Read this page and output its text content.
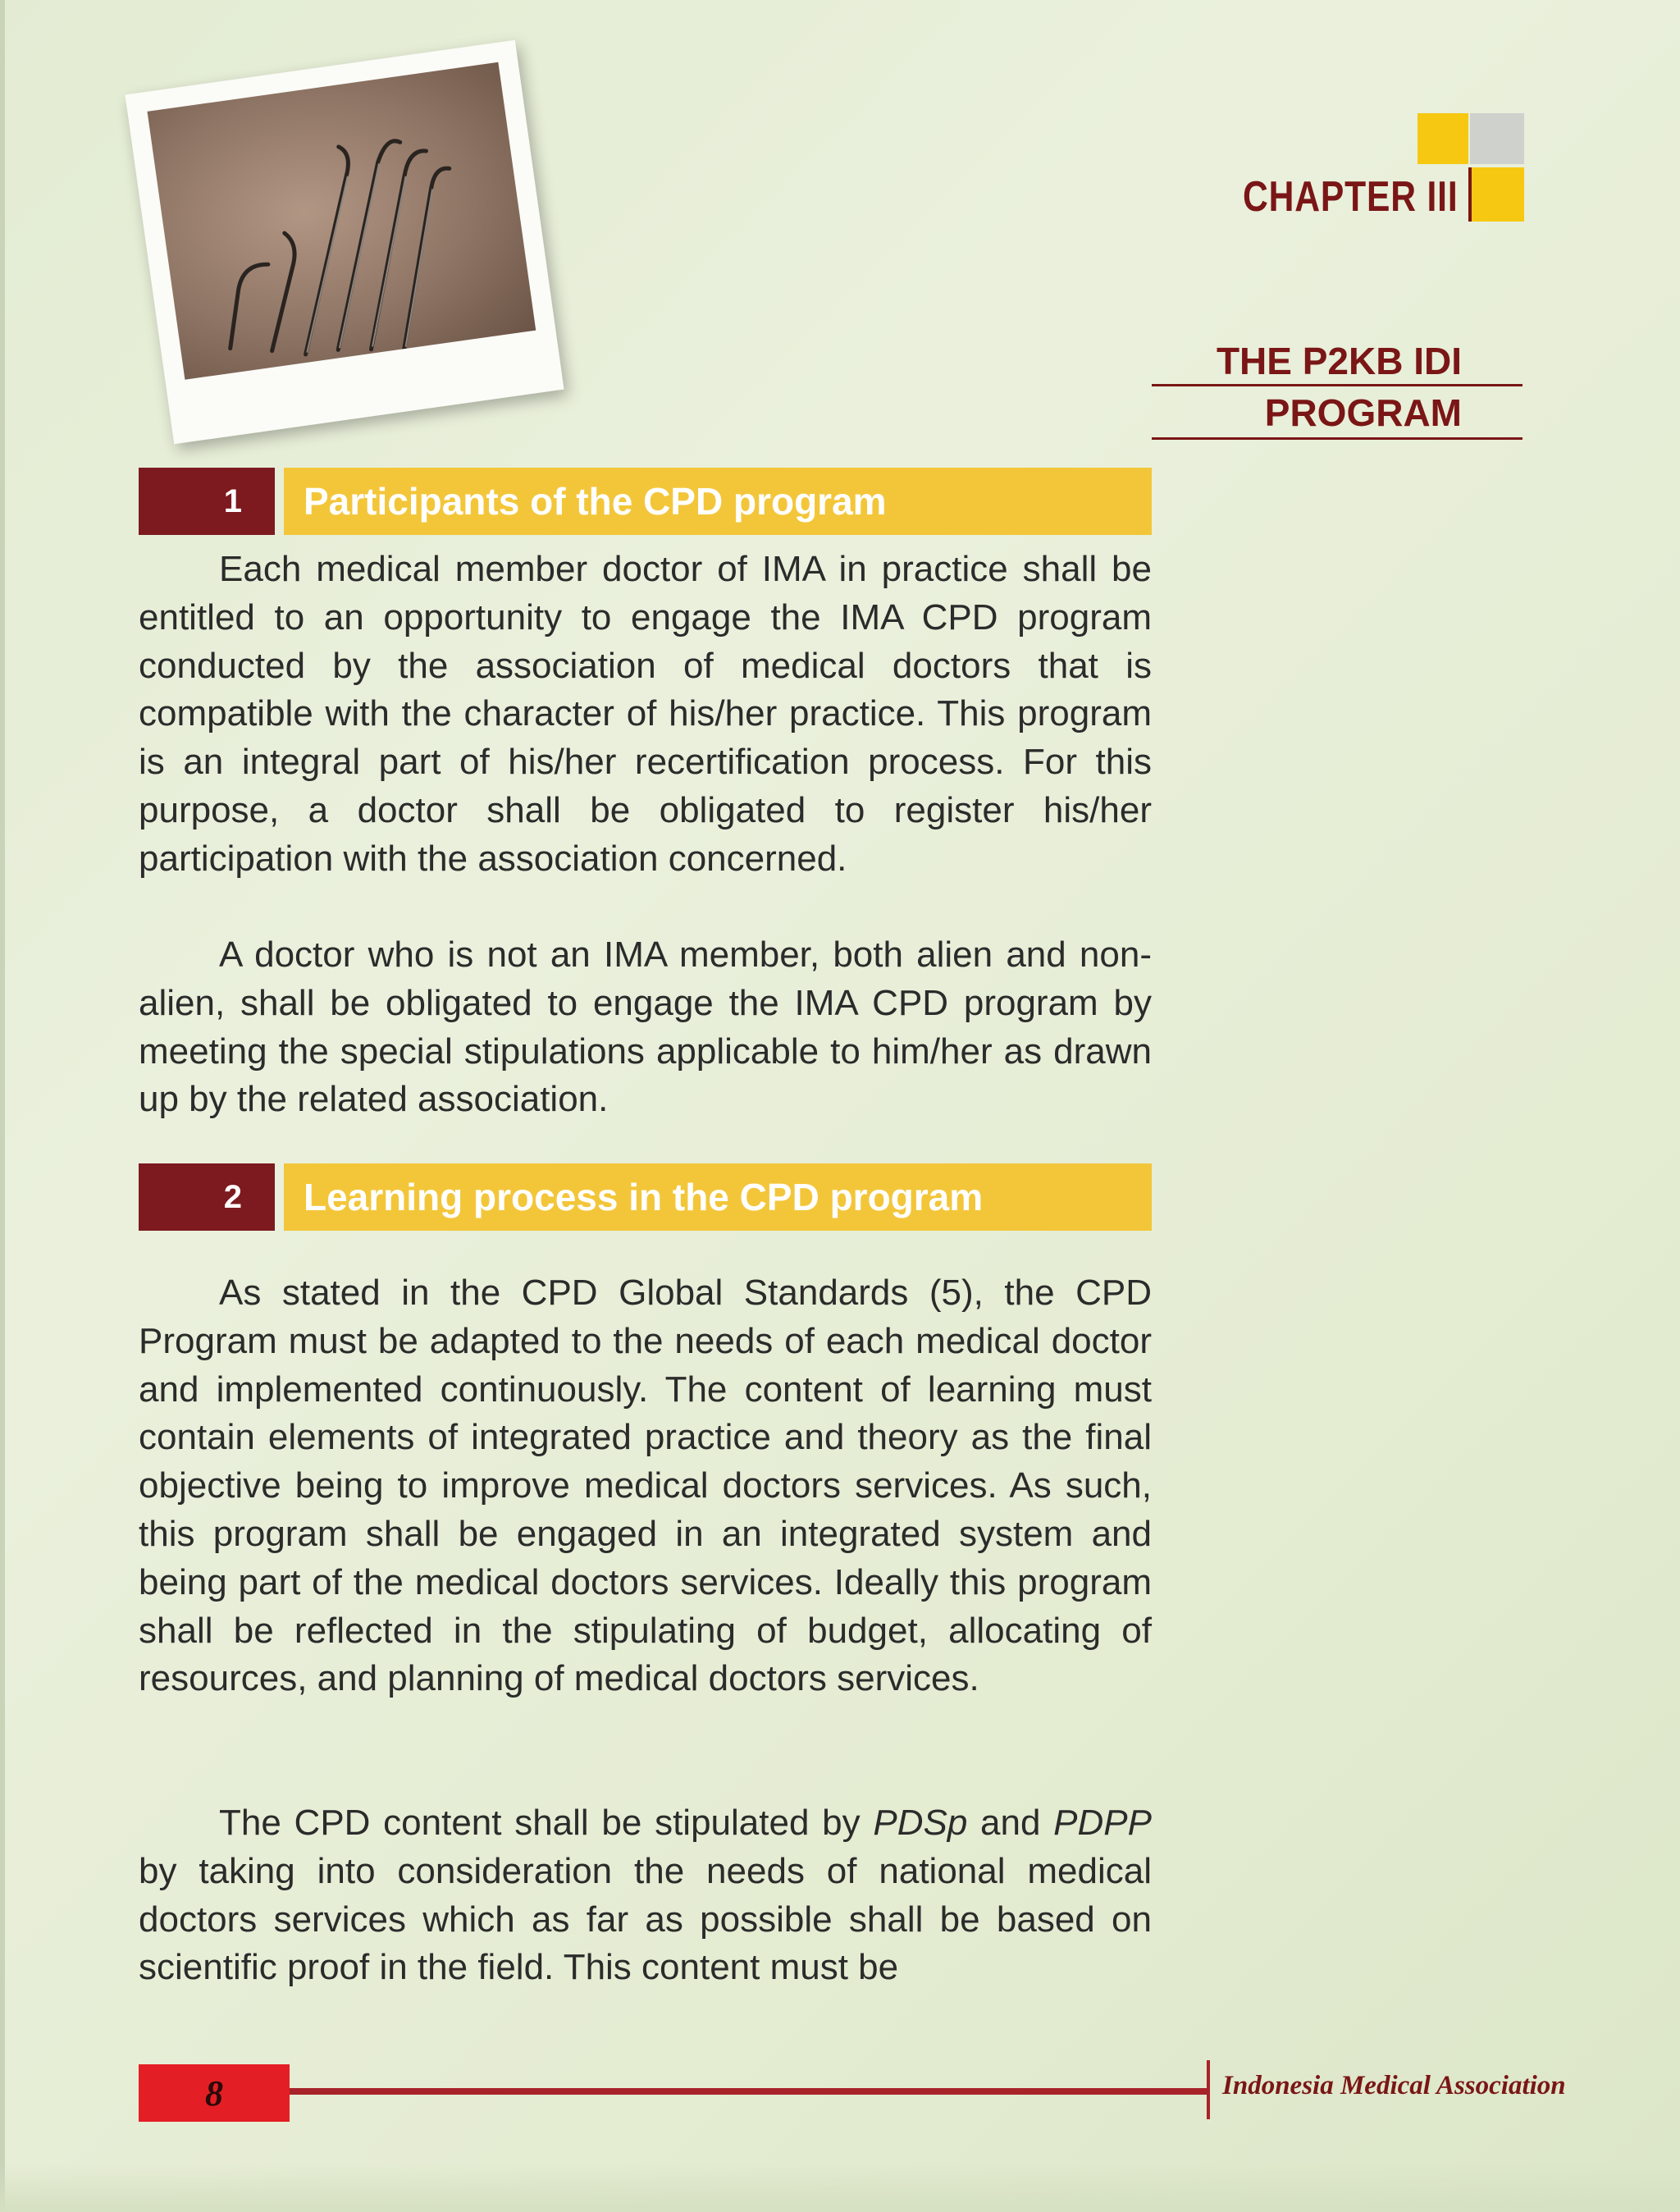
CHAPTER III
THE P2KB IDI
PROGRAM
1	Participants of the CPD program

Each medical member doctor of IMA in practice shall be entitled to an opportunity to engage the IMA CPD program conducted by the association of medical doctors that is compatible with the character of his/her practice. This program is an integral part of his/her recertification process. For this purpose, a doctor shall be obligated to register his/her participation with the association concerned.

A doctor who is not an IMA member, both alien and non-alien, shall be obligated to engage the IMA CPD program by meeting the special stipulations applicable to him/her as drawn up by the related association.

2	Learning process in the CPD program

As stated in the CPD Global Standards (5), the CPD Program must be adapted to the needs of each medical doctor and implemented continuously. The content of learning must contain elements of integrated practice and theory as the final objective being to improve medical doctors services. As such, this program shall be engaged in an integrated system and being part of the medical doctors services. Ideally this program shall be reflected in the stipulating of budget, allocating of resources, and planning of medical doctors services.

The CPD content shall be stipulated by PDSp and PDPP by taking into consideration the needs of national medical doctors services which as far as possible shall be based on scientific proof in the field. This content must be

8	Indonesia Medical Association
